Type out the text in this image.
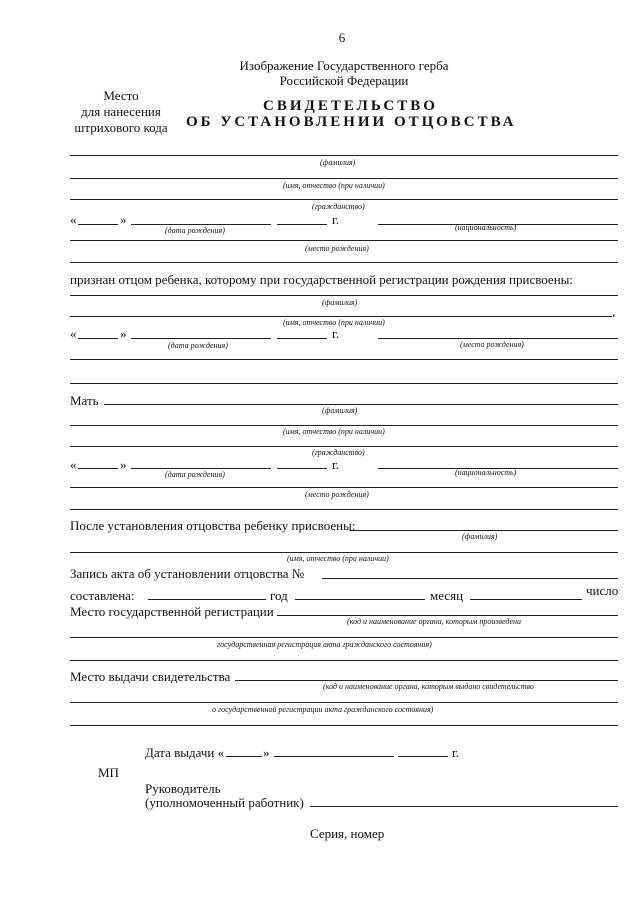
6
Изображение Государственного герба
Российской Федерации
Место
для нанесения
штрихового кода
СВИДЕТЕЛЬСТВО
ОБ УСТАНОВЛЕНИИ ОТЦОВСТВА
(фамилия)
(имя, отчество (при наличии)
(гражданство)
«	»	г.
(дата рождения)	(национальность)
(место рождения)
признан отцом ребенка, которому при государственной регистрации рождения присвоены:
(фамилия)
,
(имя, отчество (при наличии)
«	»	г.
(дата рождения)	(место рождения)
Мать
(фамилия)
(имя, отчество (при наличии)
(гражданство)
«	»	г.
(дата рождения)	(национальность)
(место рождения)
После установления отцовства ребенку присвоены:
(фамилия)
(имя, отчество (при наличии)
Запись акта об установлении отцовства №
составлена:	год	месяц	число
Место государственной регистрации
(код и наименование органа, которым произведена
государственная регистрация акта гражданского состояния)
Место выдачи свидетельства
(код и наименование органа, которым выдано свидетельство
о государственной регистрации акта гражданского состояния)
Дата выдачи «	»	г.
МП
Руководитель
(уполномоченный работник)
Серия, номер
